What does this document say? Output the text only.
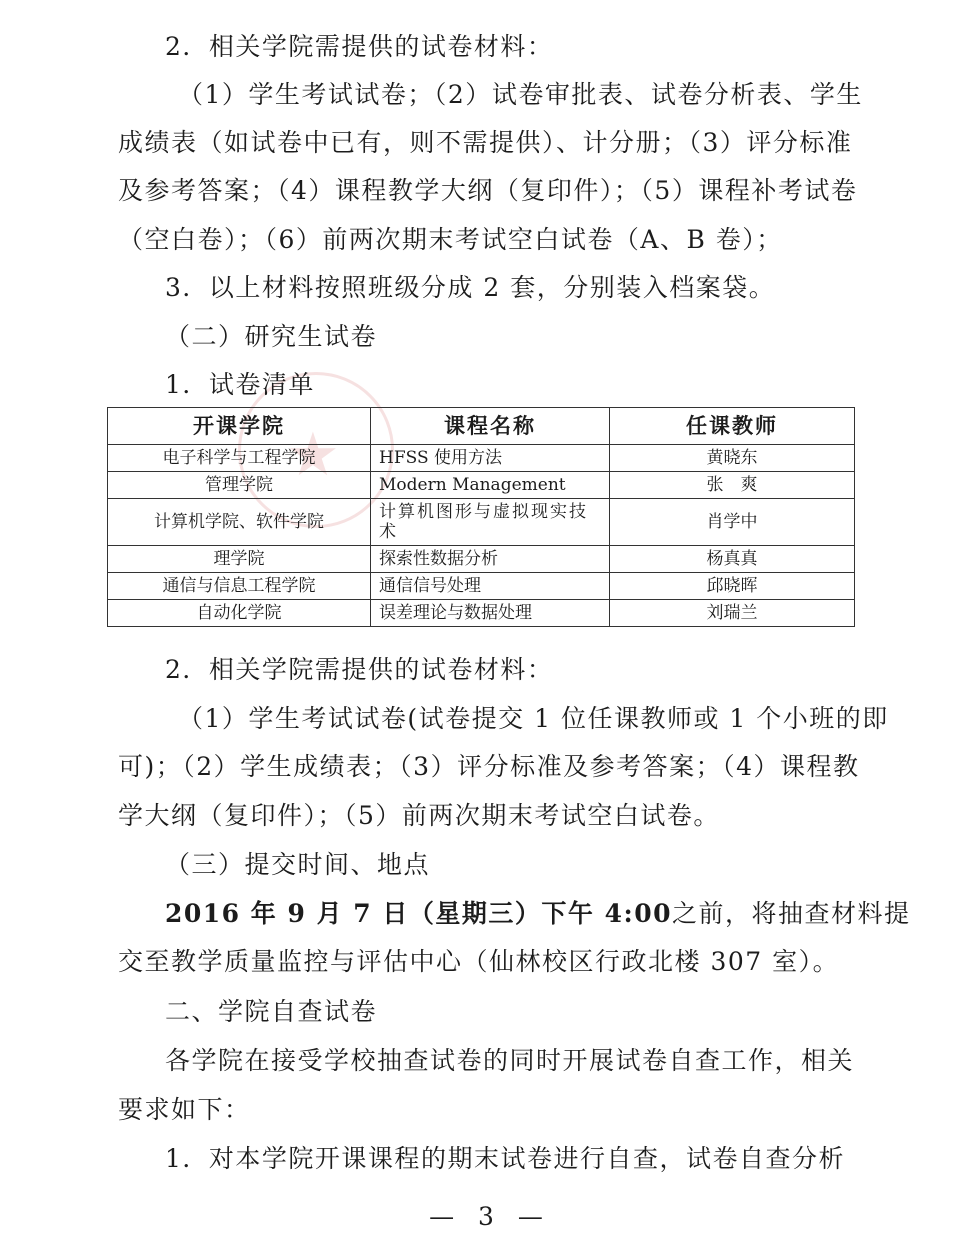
★
2．相关学院需提供的试卷材料：
（1）学生考试试卷；（2）试卷审批表、试卷分析表、学生
成绩表（如试卷中已有，则不需提供）、计分册；（3）评分标准
及参考答案；（4）课程教学大纲（复印件）；（5）课程补考试卷
（空白卷）；（6）前两次期末考试空白试卷（A、B 卷）；
3．以上材料按照班级分成 2 套，分别装入档案袋。
（二）研究生试卷
1．试卷清单
开课学院	课程名称	任课教师
电子科学与工程学院	HFSS 使用方法	黄晓东
管理学院	Modern Management	张　爽
计算机学院、软件学院	计算机图形与虚拟现实技术	肖学中
理学院	探索性数据分析	杨真真
通信与信息工程学院	通信信号处理	邱晓晖
自动化学院	误差理论与数据处理	刘瑞兰
2．相关学院需提供的试卷材料：
（1）学生考试试卷(试卷提交 1 位任课教师或 1 个小班的即
可)；（2）学生成绩表；（3）评分标准及参考答案；（4）课程教
学大纲（复印件）；（5）前两次期末考试空白试卷。
（三）提交时间、地点
2016 年 9 月 7 日（星期三）下午 4:00之前，将抽查材料提
交至教学质量监控与评估中心（仙林校区行政北楼 307 室）。
二、学院自查试卷
各学院在接受学校抽查试卷的同时开展试卷自查工作，相关
要求如下：
1．对本学院开课课程的期末试卷进行自查，试卷自查分析
— 3 —
